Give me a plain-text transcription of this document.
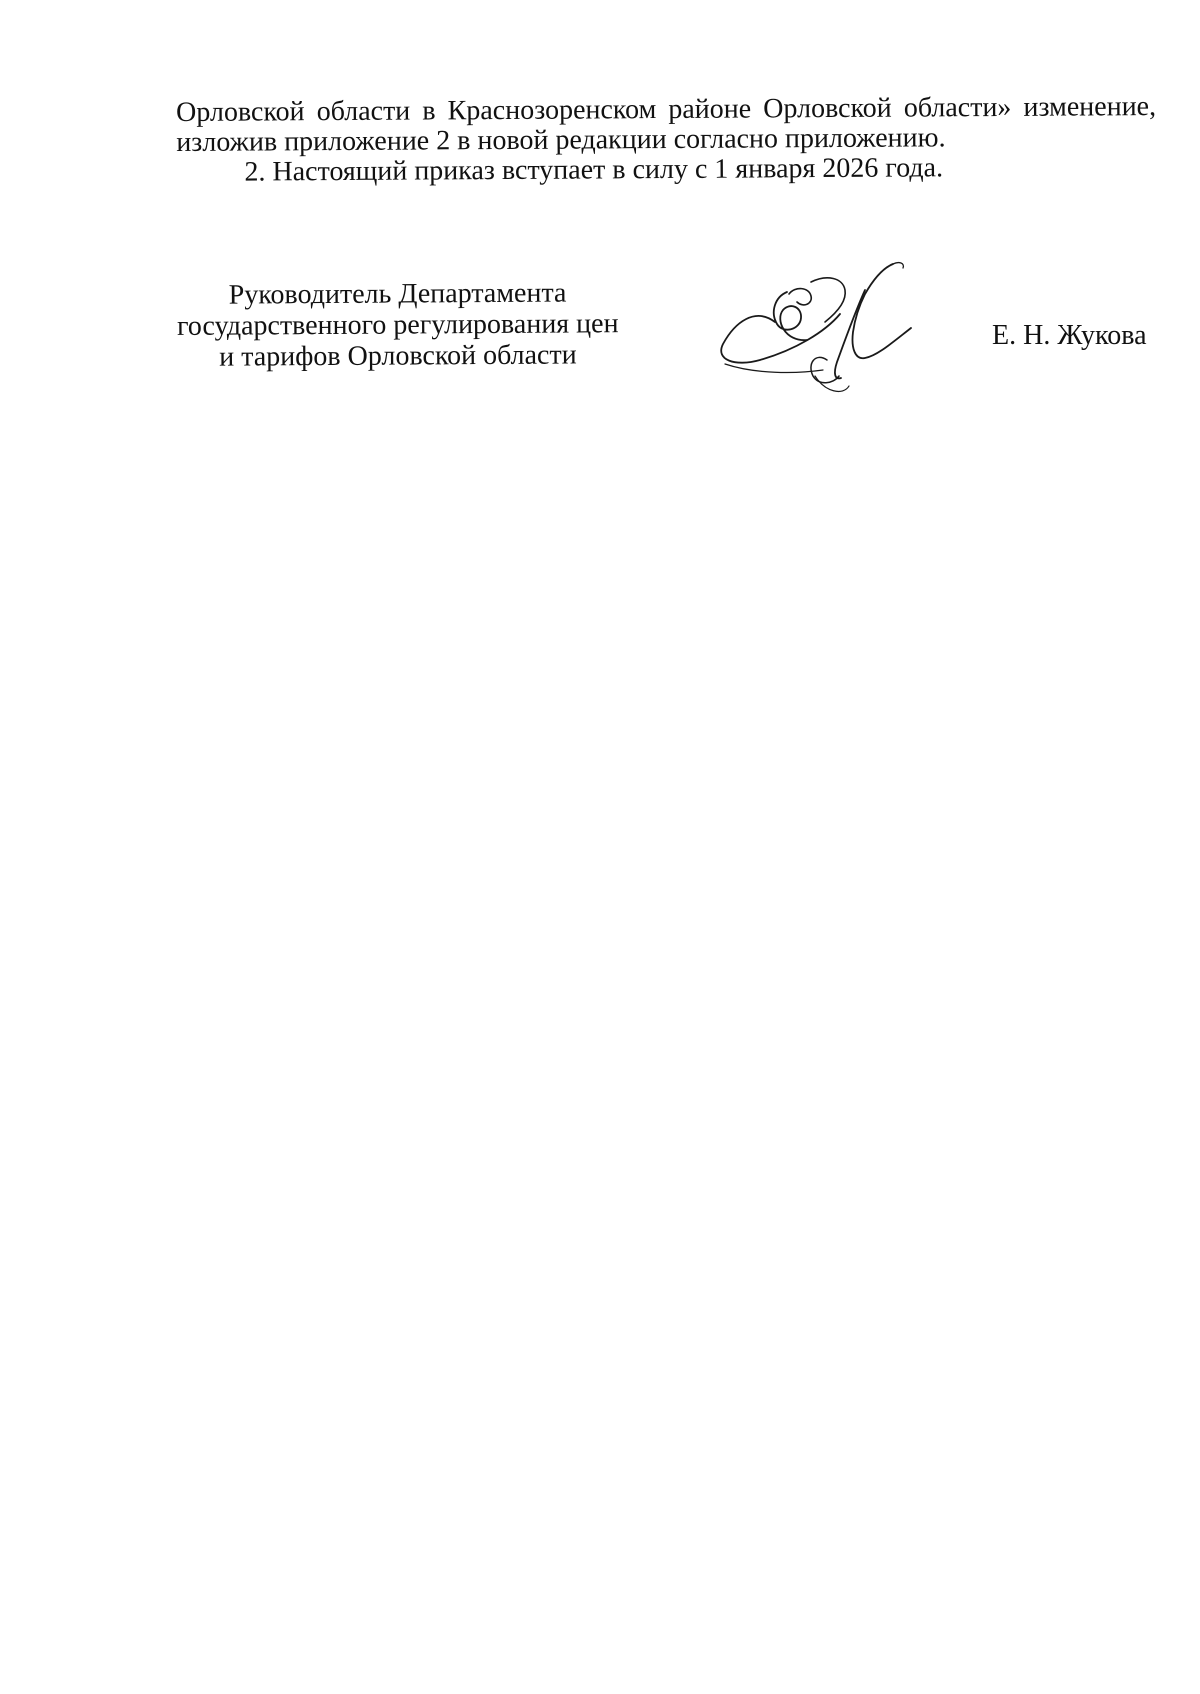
Орловской области в Краснозоренском районе Орловской области» изменение,
изложив приложение 2 в новой редакции согласно приложению.
2. Настоящий приказ вступает в силу с 1 января 2026 года.
Руководитель Департамента
государственного регулирования цен
и тарифов Орловской области
Е. Н. Жукова
